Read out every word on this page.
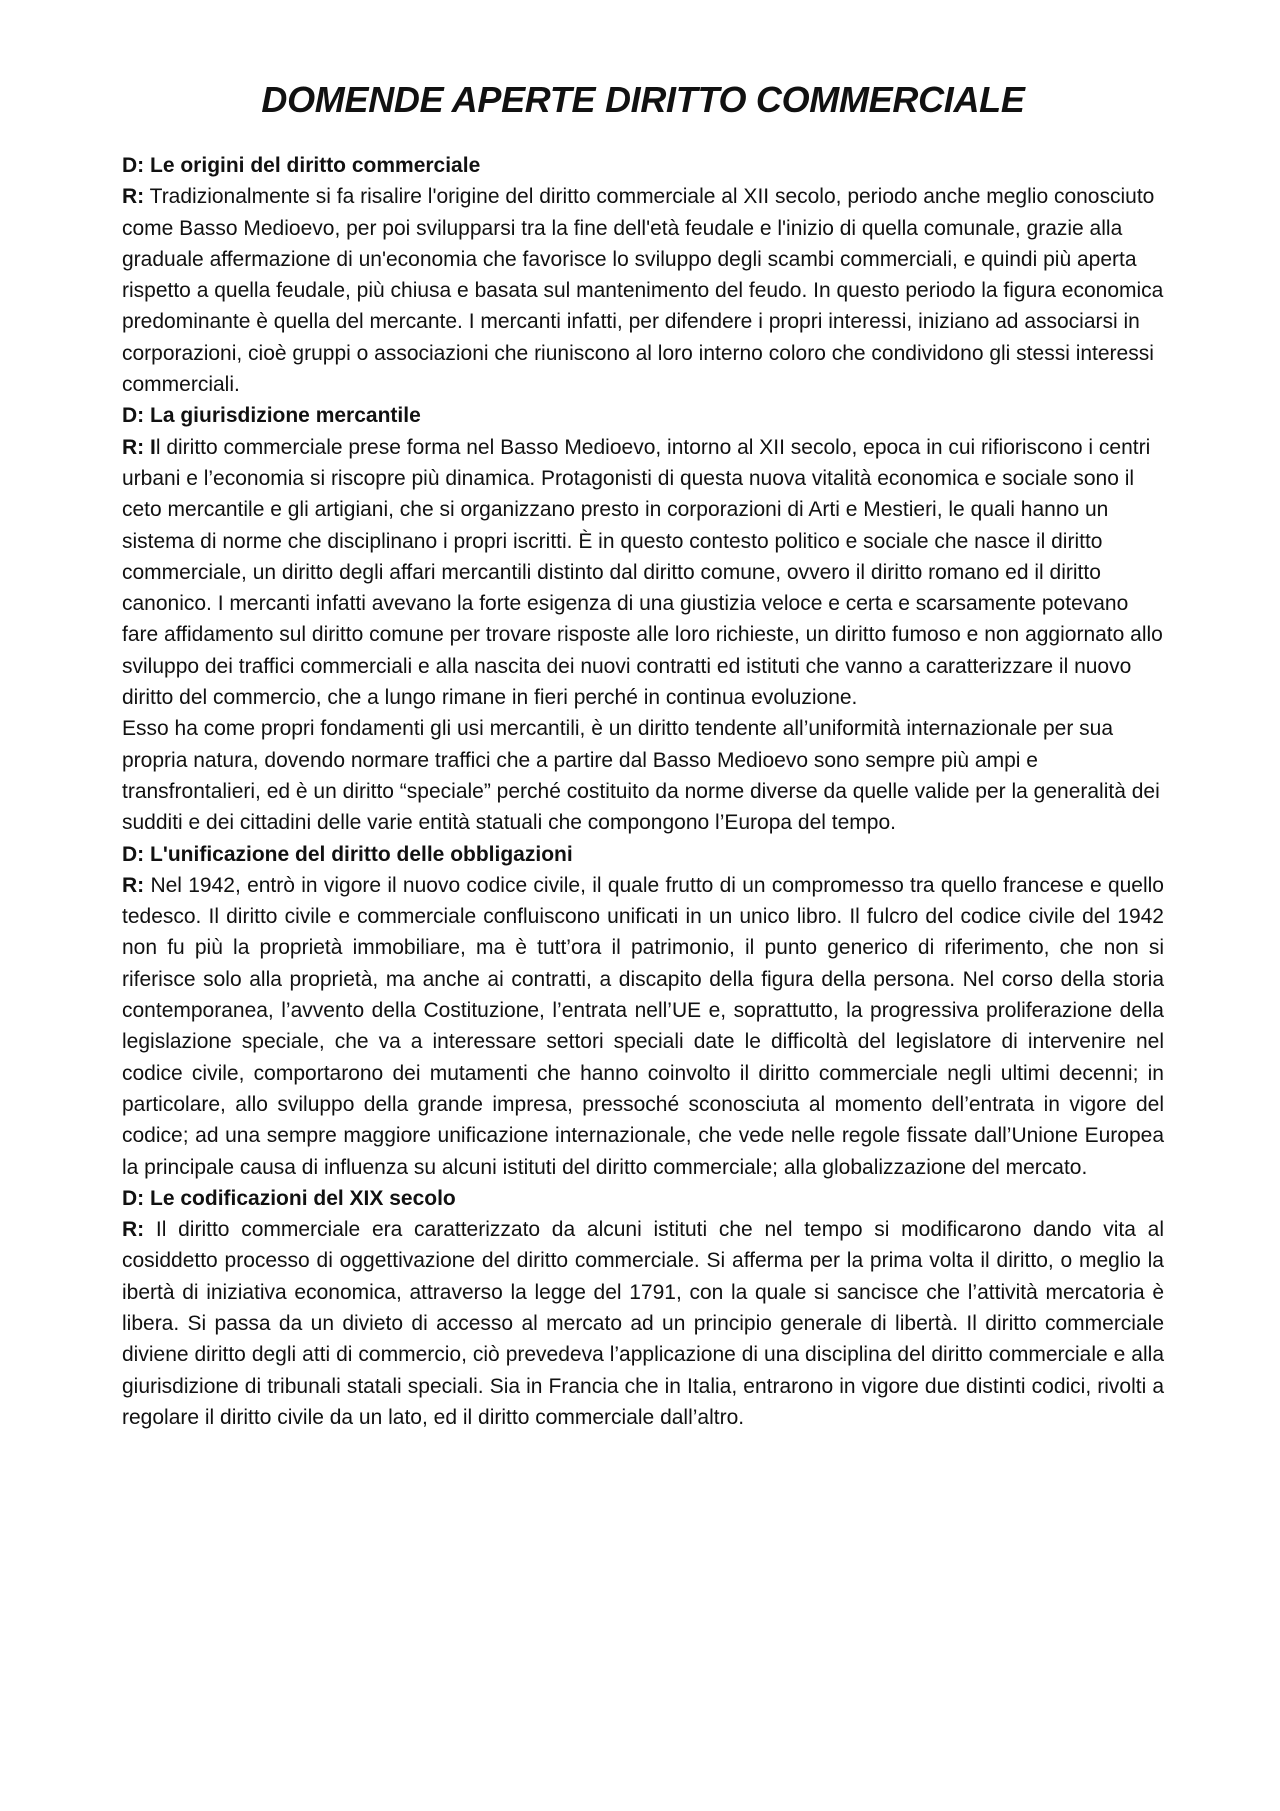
DOMENDE APERTE DIRITTO COMMERCIALE

D: Le origini del diritto commerciale

R: Tradizionalmente si fa risalire l'origine del diritto commerciale al XII secolo, periodo anche meglio conosciuto come Basso Medioevo, per poi svilupparsi tra la fine dell'età feudale e l'inizio di quella comunale, grazie alla graduale affermazione di un'economia che favorisce lo sviluppo degli scambi commerciali, e quindi più aperta rispetto a quella feudale, più chiusa e basata sul mantenimento del feudo. In questo periodo la figura economica predominante è quella del mercante. I mercanti infatti, per difendere i propri interessi, iniziano ad associarsi in corporazioni, cioè gruppi o associazioni che riuniscono al loro interno coloro che condividono gli stessi interessi commerciali.

D: La giurisdizione mercantile

R: Il diritto commerciale prese forma nel Basso Medioevo, intorno al XII secolo, epoca in cui rifioriscono i centri urbani e l’economia si riscopre più dinamica. Protagonisti di questa nuova vitalità economica e sociale sono il ceto mercantile e gli artigiani, che si organizzano presto in corporazioni di Arti e Mestieri, le quali hanno un sistema di norme che disciplinano i propri iscritti. È in questo contesto politico e sociale che nasce il diritto commerciale, un diritto degli affari mercantili distinto dal diritto comune, ovvero il diritto romano ed il diritto canonico. I mercanti infatti avevano la forte esigenza di una giustizia veloce e certa e scarsamente potevano fare affidamento sul diritto comune per trovare risposte alle loro richieste, un diritto fumoso e non aggiornato allo sviluppo dei traffici commerciali e alla nascita dei nuovi contratti ed istituti che vanno a caratterizzare il nuovo diritto del commercio, che a lungo rimane in fieri perché in continua evoluzione.

Esso ha come propri fondamenti gli usi mercantili, è un diritto tendente all’uniformità internazionale per sua propria natura, dovendo normare traffici che a partire dal Basso Medioevo sono sempre più ampi e transfrontalieri, ed è un diritto “speciale” perché costituito da norme diverse da quelle valide per la generalità dei sudditi e dei cittadini delle varie entità statuali che compongono l’Europa del tempo.

D: L'unificazione del diritto delle obbligazioni

R: Nel 1942, entrò in vigore il nuovo codice civile, il quale frutto di un compromesso tra quello francese e quello tedesco. Il diritto civile e commerciale confluiscono unificati in un unico libro. Il fulcro del codice civile del 1942 non fu più la proprietà immobiliare, ma è tutt’ora il patrimonio, il punto generico di riferimento, che non si riferisce solo alla proprietà, ma anche ai contratti, a discapito della figura della persona. Nel corso della storia contemporanea, l’avvento della Costituzione, l’entrata nell’UE e, soprattutto, la progressiva proliferazione della legislazione speciale, che va a interessare settori speciali date le difficoltà del legislatore di intervenire nel codice civile, comportarono dei mutamenti che hanno coinvolto il diritto commerciale negli ultimi decenni; in particolare, allo sviluppo della grande impresa, pressoché sconosciuta al momento dell’entrata in vigore del codice; ad una sempre maggiore unificazione internazionale, che vede nelle regole fissate dall’Unione Europea la principale causa di influenza su alcuni istituti del diritto commerciale; alla globalizzazione del mercato.

D: Le codificazioni del XIX secolo

R: Il diritto commerciale era caratterizzato da alcuni istituti che nel tempo si modificarono dando vita al cosiddetto processo di oggettivazione del diritto commerciale. Si afferma per la prima volta il diritto, o meglio la ibertà di iniziativa economica, attraverso la legge del 1791, con la quale si sancisce che l’attività mercatoria è libera. Si passa da un divieto di accesso al mercato ad un principio generale di libertà. Il diritto commerciale diviene diritto degli atti di commercio, ciò prevedeva l’applicazione di una disciplina del diritto commerciale e alla giurisdizione di tribunali statali speciali. Sia in Francia che in Italia, entrarono in vigore due distinti codici, rivolti a regolare il diritto civile da un lato, ed il diritto commerciale dall’altro.
